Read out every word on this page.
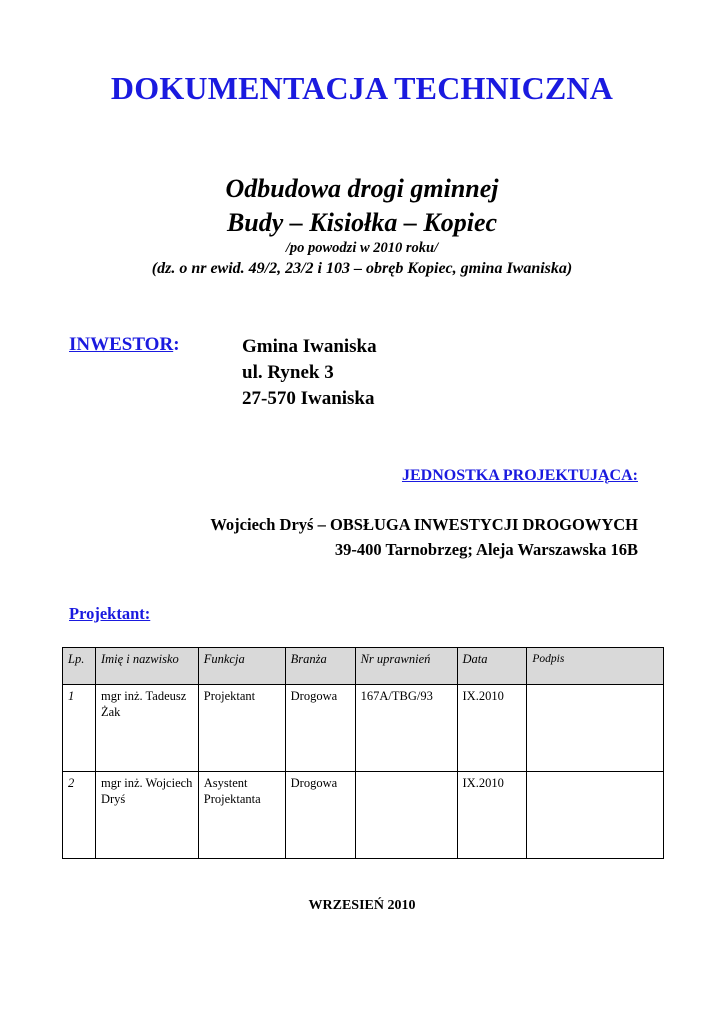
DOKUMENTACJA TECHNICZNA
Odbudowa drogi gminnej
Budy – Kisiołka – Kopiec
/po powodzi w 2010 roku/
(dz. o nr ewid. 49/2, 23/2 i 103 – obręb Kopiec, gmina Iwaniska)
INWESTOR:	Gmina Iwaniska
ul. Rynek 3
27-570 Iwaniska
JEDNOSTKA PROJEKTUJĄCA:
Wojciech Dryś – OBSŁUGA INWESTYCJI DROGOWYCH
39-400 Tarnobrzeg; Aleja Warszawska 16B
Projektant:
Lp.	Imię i nazwisko	Funkcja	Branża	Nr uprawnień	Data	Podpis
1	mgr inż. Tadeusz Żak	Projektant	Drogowa	167A/TBG/93	IX.2010	
2	mgr inż. Wojciech Dryś	Asystent Projektanta	Drogowa		IX.2010	
WRZESIEŃ 2010
